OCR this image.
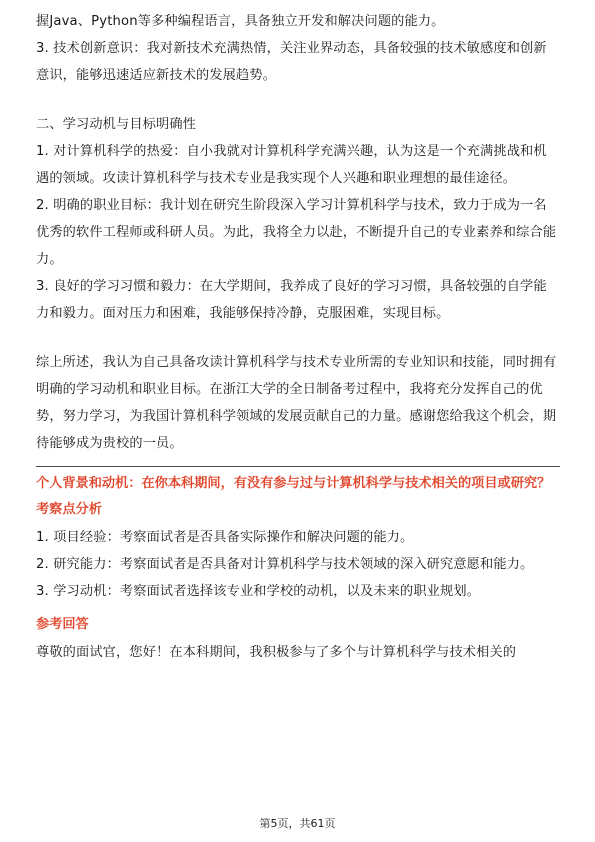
握Java、Python等多种编程语言，具备独立开发和解决问题的能力。

3. 技术创新意识：我对新技术充满热情，关注业界动态，具备较强的技术敏感度和创新意识，能够迅速适应新技术的发展趋势。

二、学习动机与目标明确性

1. 对计算机科学的热爱：自小我就对计算机科学充满兴趣，认为这是一个充满挑战和机遇的领域。攻读计算机科学与技术专业是我实现个人兴趣和职业理想的最佳途径。

2. 明确的职业目标：我计划在研究生阶段深入学习计算机科学与技术，致力于成为一名优秀的软件工程师或科研人员。为此，我将全力以赴，不断提升自己的专业素养和综合能力。

3. 良好的学习习惯和毅力：在大学期间，我养成了良好的学习习惯，具备较强的自学能力和毅力。面对压力和困难，我能够保持冷静，克服困难，实现目标。

综上所述，我认为自己具备攻读计算机科学与技术专业所需的专业知识和技能，同时拥有明确的学习动机和职业目标。在浙江大学的全日制备考过程中，我将充分发挥自己的优势，努力学习，为我国计算机科学领域的发展贡献自己的力量。感谢您给我这个机会，期待能够成为贵校的一员。

个人背景和动机：在你本科期间，有没有参与过与计算机科学与技术相关的项目或研究？
考察点分析

1. 项目经验：考察面试者是否具备实际操作和解决问题的能力。

2. 研究能力：考察面试者是否具备对计算机科学与技术领域的深入研究意愿和能力。

3. 学习动机：考察面试者选择该专业和学校的动机，以及未来的职业规划。

参考回答

尊敬的面试官，您好！在本科期间，我积极参与了多个与计算机科学与技术相关的

第5页，共61页
